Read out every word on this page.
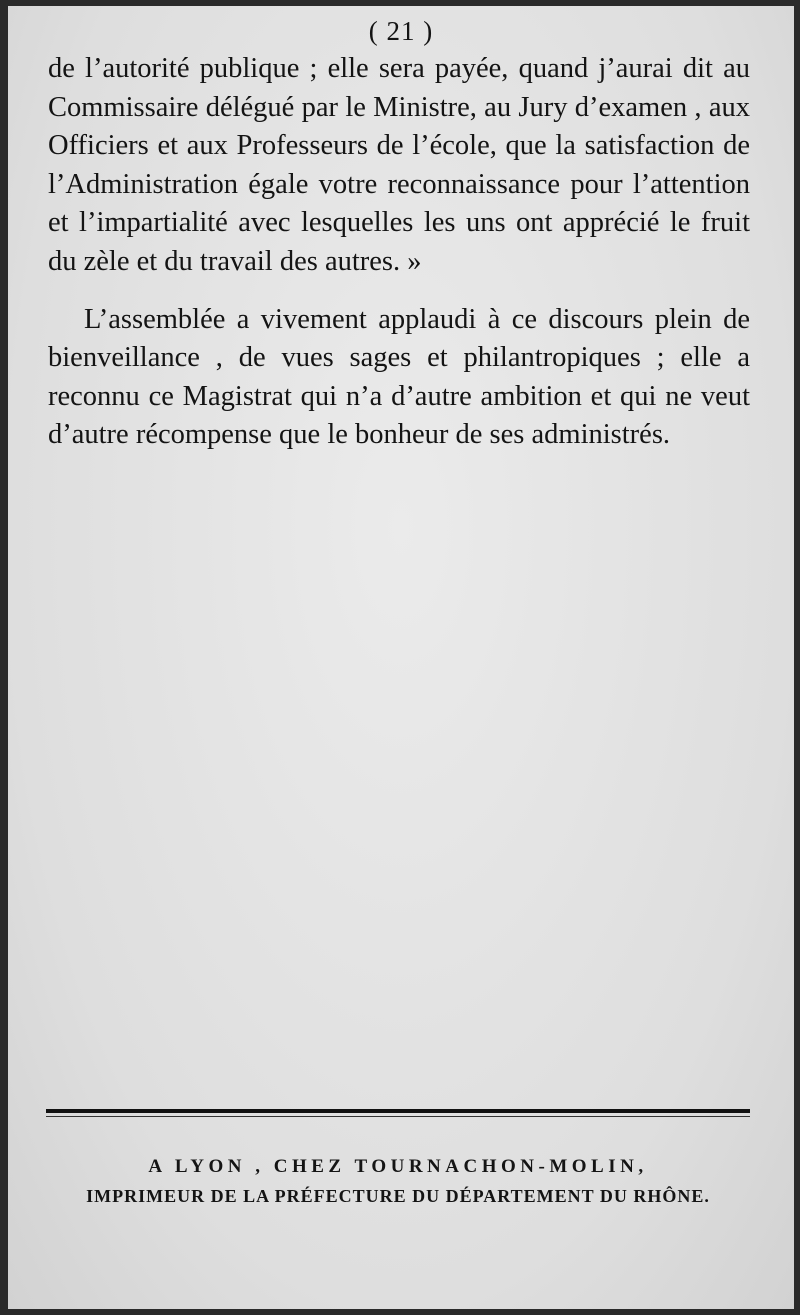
( 21 )

de l’autorité publique ; elle sera payée, quand j’aurai dit au Commissaire délégué par le Ministre, au Jury d’examen , aux Officiers et aux Professeurs de l’école, que la satisfaction de l’Administration égale votre reconnaissance pour l’attention et l’impartialité avec lesquelles les uns ont apprécié le fruit du zèle et du travail des autres. »

L’assemblée a vivement applaudi à ce discours plein de bienveillance , de vues sages et philantropiques ; elle a reconnu ce Magistrat qui n’a d’autre ambition et qui ne veut d’autre récompense que le bonheur de ses administrés.

A LYON , CHEZ TOURNACHON-MOLIN,
IMPRIMEUR DE LA PRÉFECTURE DU DÉPARTEMENT DU RHÔNE.
